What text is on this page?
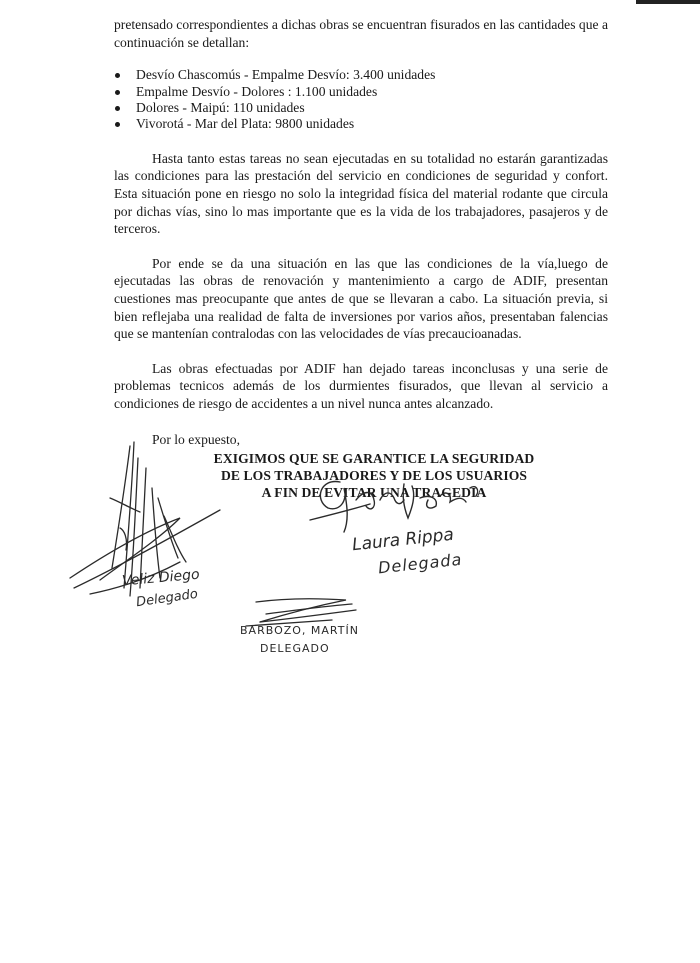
pretensado correspondientes a dichas obras se encuentran fisurados en las cantidades que a continuación se detallan:

Desvío Chascomús - Empalme Desvío: 3.400 unidades
Empalme Desvío - Dolores : 1.100 unidades
Dolores - Maipú: 110 unidades
Vivorotá - Mar del Plata: 9800 unidades

Hasta tanto estas tareas no sean ejecutadas en su totalidad no estarán garantizadas las condiciones para las prestación del servicio en condiciones de seguridad y confort. Esta situación pone en riesgo no solo la integridad física del material rodante que circula por dichas vías, sino lo mas importante que es la vida de los trabajadores, pasajeros y de terceros.

Por ende se da una situación en las que las condiciones de la vía,luego de ejecutadas las obras de renovación y mantenimiento a cargo de ADIF, presentan cuestiones mas preocupante que antes de que se llevaran a cabo. La situación previa, si bien reflejaba una realidad de falta de inversiones por varios años, presentaban falencias que se mantenían contralodas con las velocidades de vías precaucioanadas.

Las obras efectuadas por ADIF han dejado tareas inconclusas y una serie de problemas tecnicos además de los durmientes fisurados, que llevan al servicio a condiciones de riesgo de accidentes a un nivel nunca antes alcanzado.

Por lo expuesto,

EXIGIMOS QUE SE GARANTICE LA SEGURIDAD
DE LOS TRABAJADORES Y DE LOS USUARIOS
A FIN DE EVITAR UNA TRAGEDIA
Veliz Diego
Delegado
Laura Rippa
Delegada
BARBOZO, MARTÍN
DELEGADO
